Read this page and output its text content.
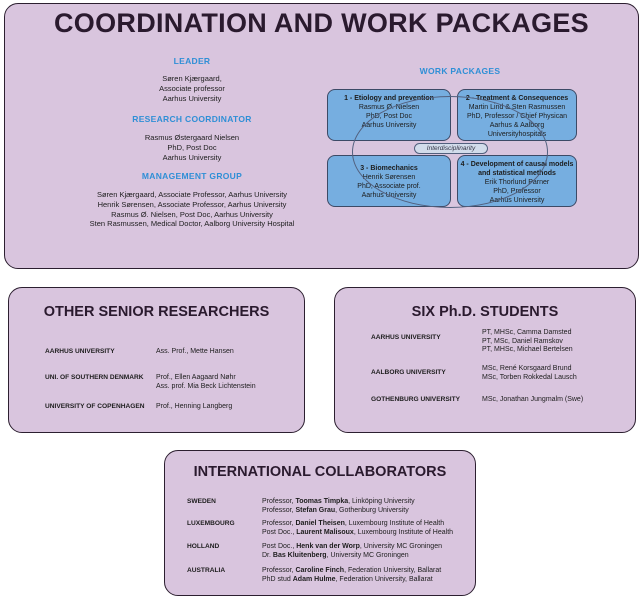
COORDINATION AND WORK PACKAGES
LEADER
Søren Kjærgaard,
Associate professor
Aarhus University
RESEARCH COORDINATOR
Rasmus Østergaard Nielsen
PhD, Post Doc
Aarhus University
MANAGEMENT GROUP
Søren Kjærgaard, Associate Professor, Aarhus University
Henrik Sørensen, Associate Professor, Aarhus University
Rasmus Ø. Nielsen, Post Doc, Aarhus University
Sten Rasmussen, Medical Doctor, Aalborg University Hospital
WORK PACKAGES
1 - Etiology and prevention
Rasmus Ø. Nielsen
PhD, Post Doc
Aarhus University
2 - Treatment & Consequences
Martin Lind & Sten Rasmussen
PhD, Professor / Chief Physican
Aarhus & Aalborg
Universityhospitals
3 - Biomechanics
Henrik Sørensen
PhD, Associate prof.
Aarhus University
4 - Development of causal models
and statistical methods
Erik Thorlund Parner
PhD, Professor
Aarhus University
Interdisciplinarity
OTHER SENIOR RESEARCHERS
AARHUS UNIVERSITY	Ass. Prof., Mette Hansen
UNI. OF SOUTHERN DENMARK Prof., Ellen Aagaard Nøhr
Ass. prof. Mia Beck Lichtenstein
UNIVERSITY OF COPENHAGEN Prof., Henning Langberg
SIX Ph.D. STUDENTS
AARHUS UNIVERSITY
PT, MHSc, Camma Damsted
PT, MSc, Daniel Ramskov
PT, MHSc, Michael Bertelsen
AALBORG UNIVERSITY
MSc, René Korsgaard Brund
MSc, Torben Rokkedal Lausch
GOTHENBURG UNIVERSITY	MSc, Jonathan Jungmalm (Swe)
INTERNATIONAL COLLABORATORS
SWEDEN	Professor, Toomas Timpka, Linköping University
Professor, Stefan Grau, Gothenburg University
LUXEMBOURG	Professor, Daniel Theisen, Luxembourg Institute of Health
Post Doc., Laurent Malisoux, Luxembourg Institute of Health
HOLLAND	Post Doc., Henk van der Worp, University MC Groningen
Dr. Bas Kluitenberg, University MC Groningen
AUSTRALIA	Professor, Caroline Finch, Federation University, Ballarat
PhD stud Adam Hulme, Federation University, Ballarat
